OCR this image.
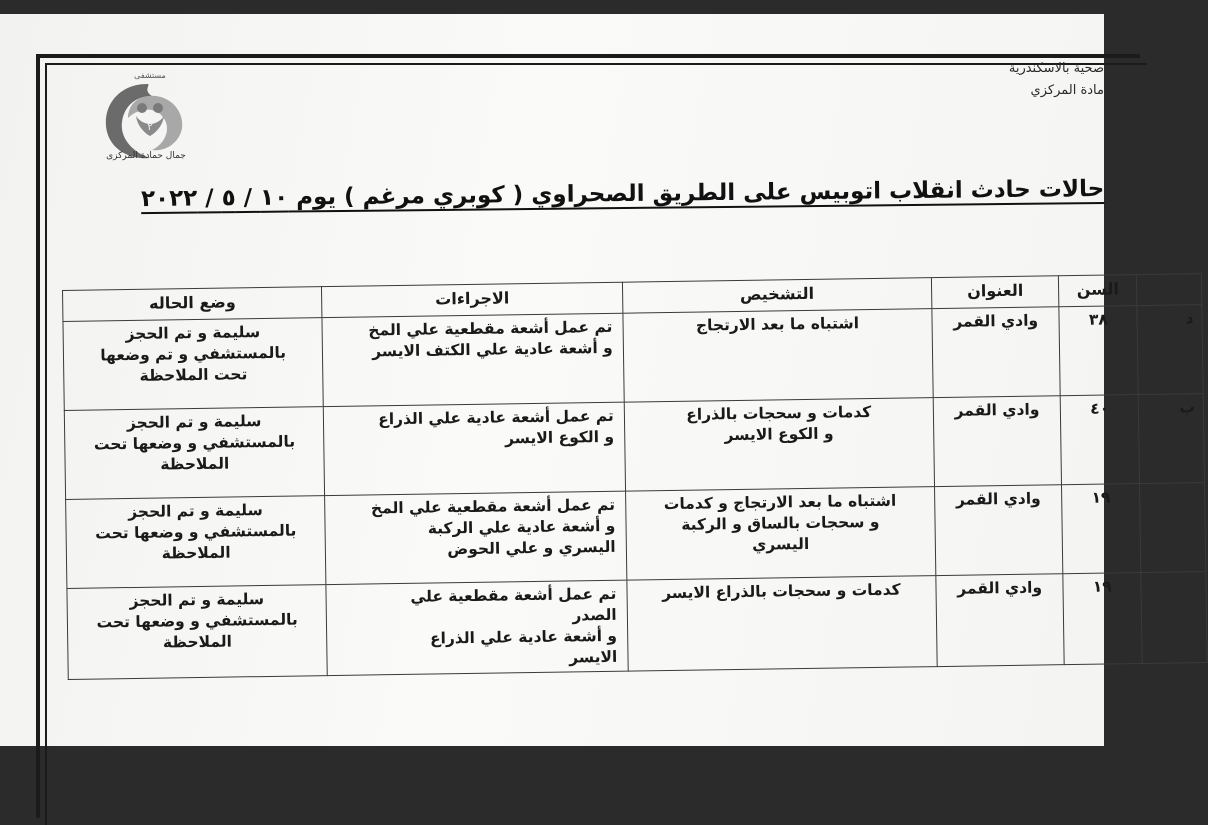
مستشفى
٢
جمال حمادة المركزى
صحية بالاسكندرية
مادة المركزي
حالات حادث انقلاب اتوبيس على الطريق الصحراوي ( كوبري مرغم ) يوم ١٠ / ٥ / ٢٠٢٢
	السن	العنوان	التشخيص	الاجراءات	وضع الحاله
د	٣٨	وادي القمر	اشتباه ما بعد الارتجاج	تم عمل أشعة مقطعية علي المخ
و أشعة عادية علي الكتف الايسر	سليمة و تم الحجز
بالمستشفي و تم وضعها
تحت الملاحظة

ب	٤٠	وادي القمر	كدمات و سحجات بالذراع
و الكوع الايسر	تم عمل أشعة عادية علي الذراع
و الكوع الايسر	سليمة و تم الحجز
بالمستشفي و وضعها تحت
الملاحظة

	١٩	وادي القمر	اشتباه ما بعد الارتجاج و كدمات
و سحجات بالساق و الركبة
اليسري	تم عمل أشعة مقطعية علي المخ
و أشعة عادية علي الركبة
اليسري و علي الحوض	سليمة و تم الحجز
بالمستشفي و وضعها تحت
الملاحظة

	١٩	وادي القمر	كدمات و سحجات بالذراع الايسر	تم عمل أشعة مقطعية علي
الصدر
و أشعة عادية علي الذراع
الايسر	سليمة و تم الحجز
بالمستشفي و وضعها تحت
الملاحظة
